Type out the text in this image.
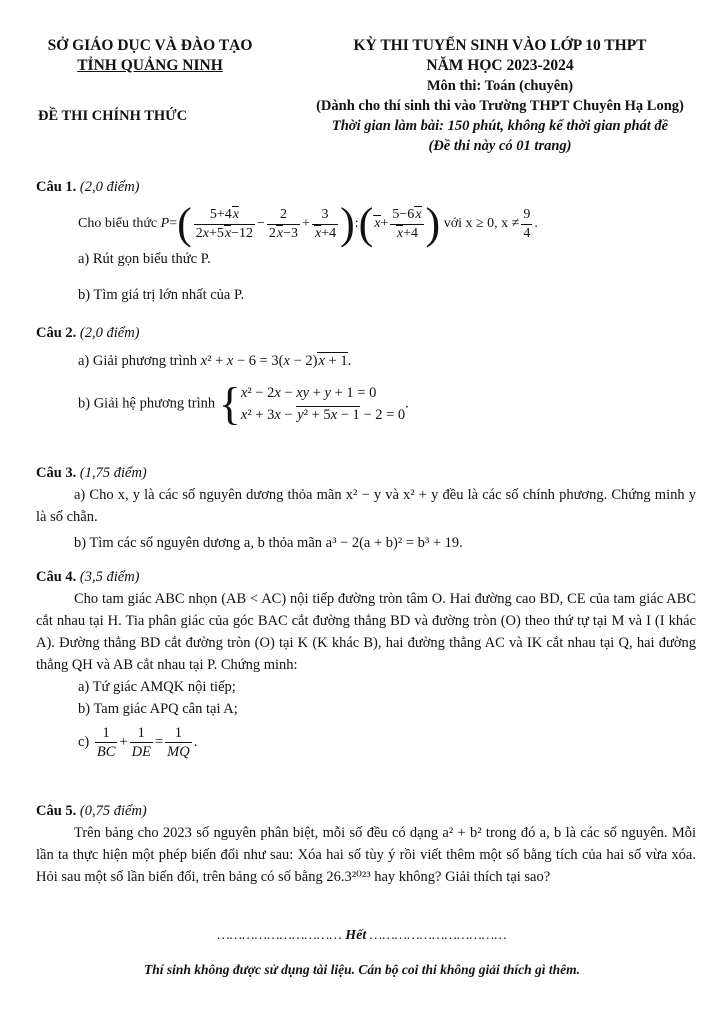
SỞ GIÁO DỤC VÀ ĐÀO TẠO
TỈNH QUẢNG NINH
ĐỀ THI CHÍNH THỨC
KỲ THI TUYỂN SINH VÀO LỚP 10 THPT
NĂM HỌC 2023-2024
Môn thi: Toán (chuyên)
(Dành cho thí sinh thi vào Trường THPT Chuyên Hạ Long)
Thời gian làm bài: 150 phút, không kể thời gian phát đề
(Đề thi này có 01 trang)
Câu 1. (2,0 điểm)
Cho biểu thức $P=( \frac{5+4x}{2x+5x-12} - \frac{2}{2x-3} + \frac{3}{x+4}$ ):(x+ $\frac{5-6x}{x+4}$ ) với x ≥ 0, $x \ne \frac{9}{4}$ .
a) Rút gọn biểu thức P.
b) Tìm giá trị lớn nhất của P.
Câu 2. (2,0 điểm)
a) Giải phương trình x² + x − 6 = 3(x − 2)x + 1.
b) Giải hệ phương trình { x² − 2x − xy + y + 1 = 0
x² + 3x − y² + 5x − 1 − 2 = 0
.
Câu 3. (1,75 điểm)
a) Cho x, y là các số nguyên dương thỏa mãn x² − y và x² + y đều là các số chính phương. Chứng minh y là số chẵn.
b) Tìm các số nguyên dương a, b thỏa mãn a³ − 2(a + b)² = b³ + 19.
Câu 4. (3,5 điểm)
Cho tam giác ABC nhọn (AB < AC) nội tiếp đường tròn tâm O. Hai đường cao BD, CE của tam giác ABC cắt nhau tại H. Tia phân giác của góc BAC cắt đường thẳng BD và đường tròn (O) theo thứ tự tại M và I (I khác A). Đường thẳng BD cắt đường tròn (O) tại K (K khác B), hai đường thẳng AC và IK cắt nhau tại Q, hai đường thẳng QH và AB cắt nhau tại P. Chứng minh:
a) Tứ giác AMQK nội tiếp;
b) Tam giác APQ cân tại A;
$c) \frac{1}{BC} + \frac{1}{DE} = \frac{1}{MQ}$ .
Câu 5. (0,75 điểm)
Trên bảng cho 2023 số nguyên phân biệt, mỗi số đều có dạng a² + b² trong đó a, b là các số nguyên. Mỗi lần ta thực hiện một phép biến đổi như sau: Xóa hai số tùy ý rồi viết thêm một số bằng tích của hai số vừa xóa. Hỏi sau một số lần biến đổi, trên bảng có số bằng 26.3²⁰²³ hay không? Giải thích tại sao?
………………………… Hết ……………………………
Thí sinh không được sử dụng tài liệu. Cán bộ coi thi không giải thích gì thêm.
